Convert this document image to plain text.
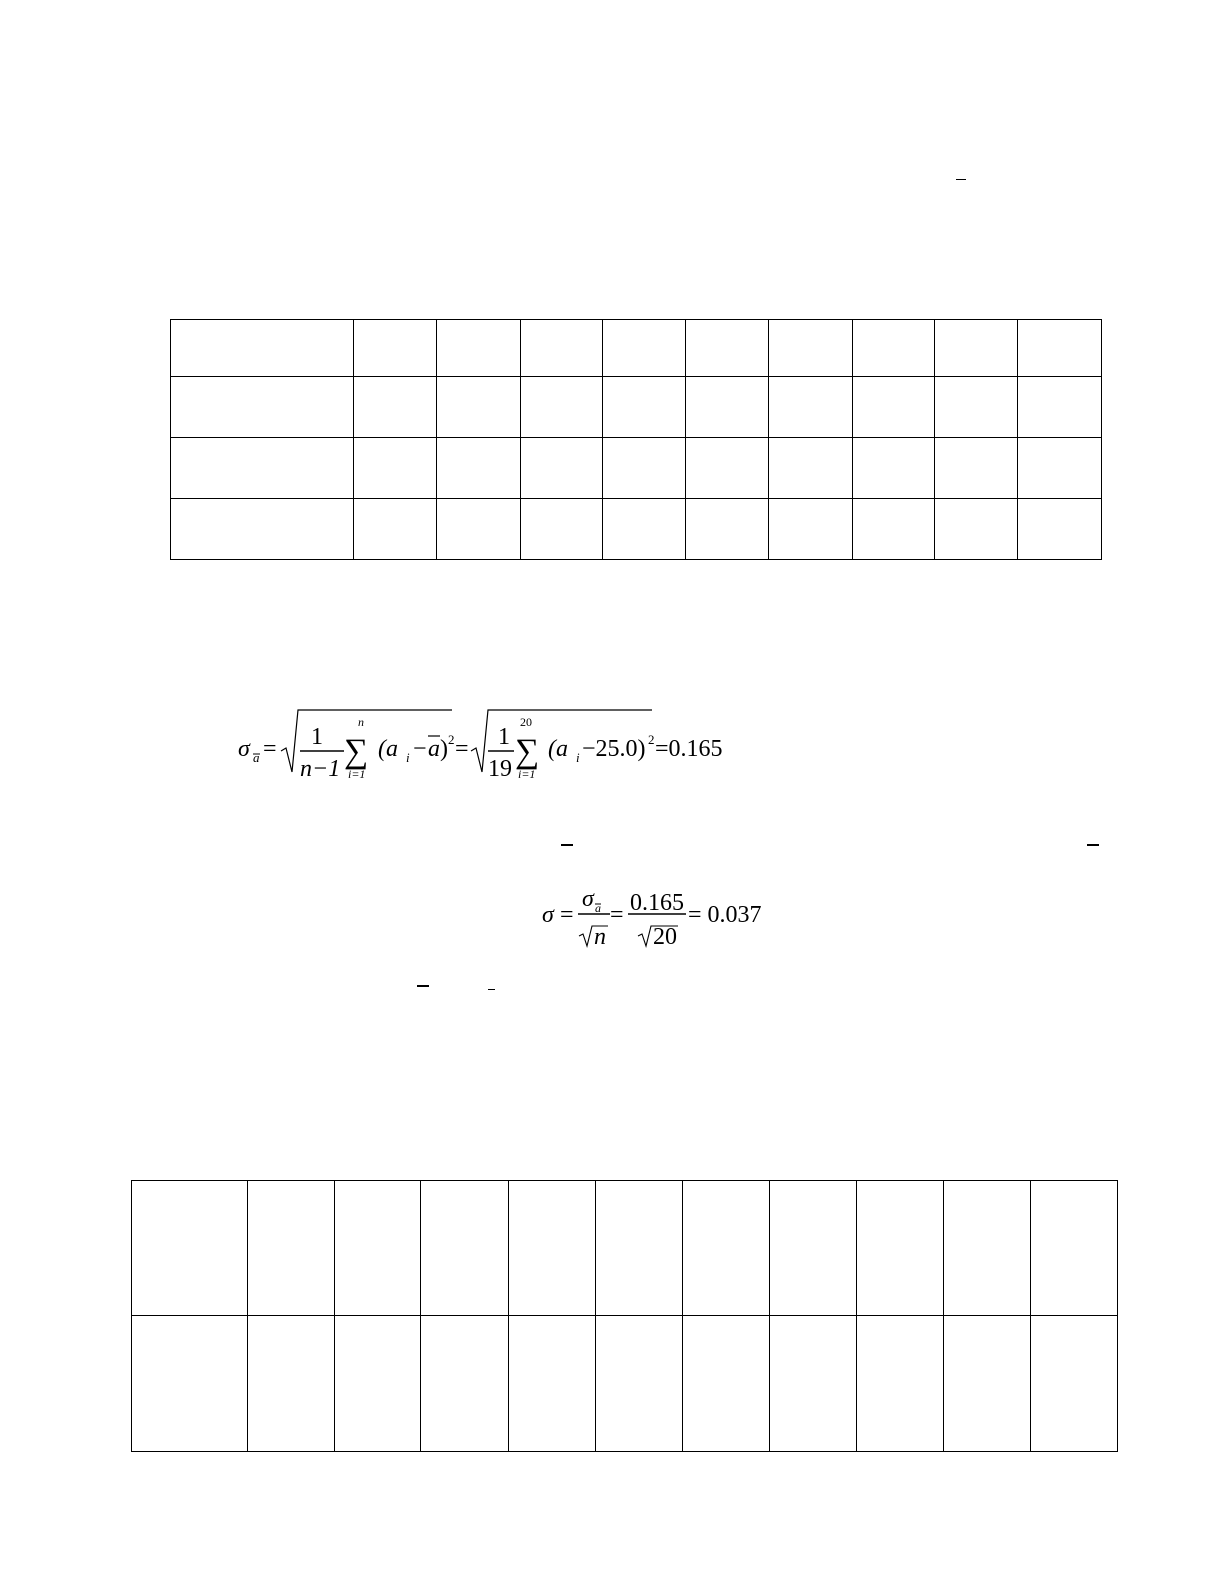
σ a = 1
n−1
n
∑
i=1
(a i − a ) 2 = 1
19
20
∑
i=1
(a i −25.0) 2 =0.165
σ =
σ a
n
= 0.165
20
= 0.037
